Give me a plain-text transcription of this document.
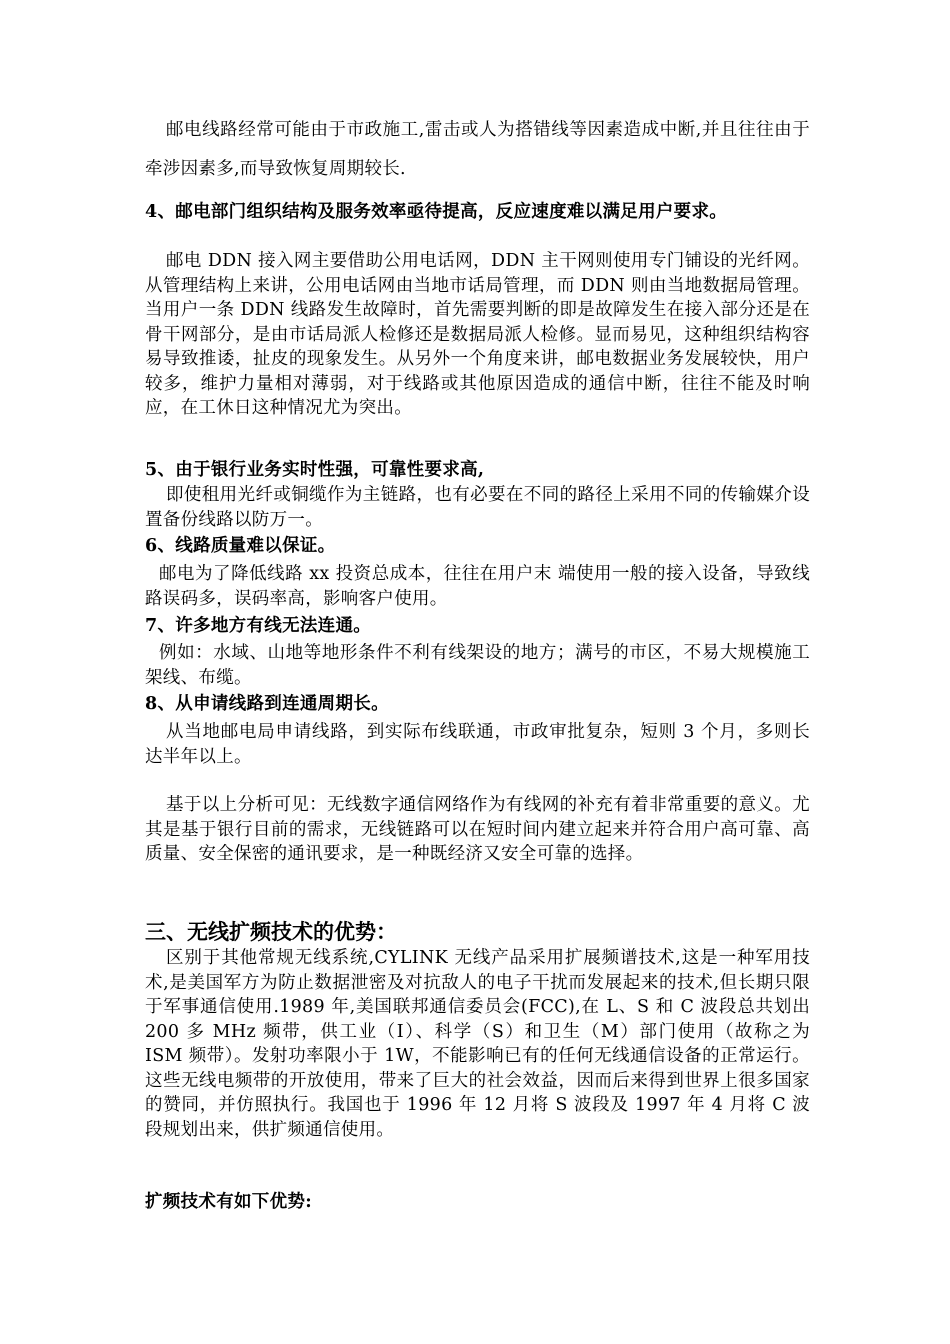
邮电线路经常可能由于市政施工,雷击或人为搭错线等因素造成中断,并且往往由于牵涉因素多,而导致恢复周期较长.

4、邮电部门组织结构及服务效率亟待提高，反应速度难以满足用户要求。

邮电 DDN 接入网主要借助公用电话网，DDN 主干网则使用专门铺设的光纤网。从管理结构上来讲，公用电话网由当地市话局管理，而 DDN 则由当地数据局管理。当用户一条 DDN 线路发生故障时，首先需要判断的即是故障发生在接入部分还是在骨干网部分，是由市话局派人检修还是数据局派人检修。显而易见，这种组织结构容易导致推诿，扯皮的现象发生。从另外一个角度来讲，邮电数据业务发展较快，用户较多，维护力量相对薄弱，对于线路或其他原因造成的通信中断，往往不能及时响应，在工休日这种情况尤为突出。

5、由于银行业务实时性强，可靠性要求高,

即使租用光纤或铜缆作为主链路，也有必要在不同的路径上采用不同的传输媒介设置备份线路以防万一。

6、线路质量难以保证。

邮电为了降低线路 xx 投资总成本，往往在用户末 端使用一般的接入设备，导致线路误码多，误码率高，影响客户使用。

7、许多地方有线无法连通。

例如：水域、山地等地形条件不利有线架设的地方；满号的市区，不易大规模施工架线、布缆。

8、从申请线路到连通周期长。

从当地邮电局申请线路，到实际布线联通，市政审批复杂，短则 3 个月，多则长达半年以上。

基于以上分析可见：无线数字通信网络作为有线网的补充有着非常重要的意义。尤其是基于银行目前的需求，无线链路可以在短时间内建立起来并符合用户高可靠、高质量、安全保密的通讯要求，是一种既经济又安全可靠的选择。

三、无线扩频技术的优势：

区别于其他常规无线系统,CYLINK 无线产品采用扩展频谱技术,这是一种军用技术,是美国军方为防止数据泄密及对抗敌人的电子干扰而发展起来的技术,但长期只限于军事通信使用.1989 年,美国联邦通信委员会(FCC),在 L、S 和 C 波段总共划出 200 多 MHz 频带，供工业（I）、科学（S）和卫生（M）部门使用（故称之为 ISM 频带）。发射功率限小于 1W，不能影响已有的任何无线通信设备的正常运行。这些无线电频带的开放使用，带来了巨大的社会效益，因而后来得到世界上很多国家的赞同，并仿照执行。我国也于 1996 年 12 月将 S 波段及 1997 年 4 月将 C 波段规划出来，供扩频通信使用。

扩频技术有如下优势:
